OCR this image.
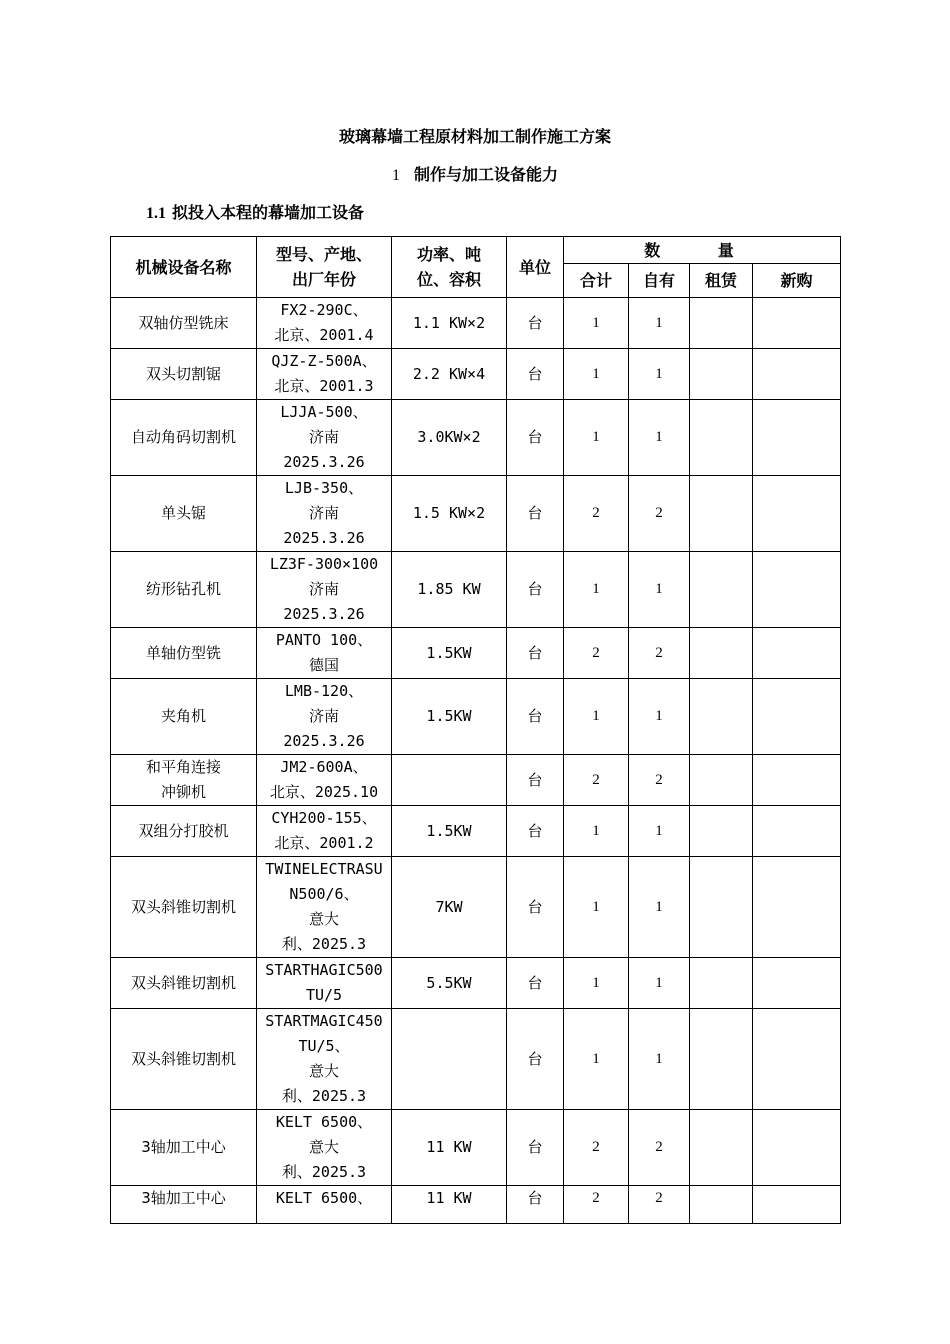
玻璃幕墙工程原材料加工制作施工方案
1 制作与加工设备能力
1.1 拟投入本程的幕墙加工设备
机械设备名称	型号、产地、
出厂年份	功率、吨
位、容积	单位	数 量			
				合计	自有	租赁	新购

双轴仿型铣床	FX2-290C、
北京、2001.4	1.1 KW×2	台	1	1		

双头切割锯	QJZ-Z-500A、
北京、2001.3	2.2 KW×4	台	1	1		

自动角码切割机	LJJA-500、
济南
2025.3.26	3.0KW×2	台	1	1		

单头锯	LJB-350、
济南
2025.3.26	1.5 KW×2	台	2	2		

纺形钻孔机	LZ3F-300×100
济南
2025.3.26	1.85 KW	台	1	1		

单轴仿型铣	PANTO 100、
德国	1.5KW	台	2	2		

夹角机	LMB-120、
济南
2025.3.26	1.5KW	台	1	1		

和平角连接
冲铆机	JM2-600A、
北京、2025.10		台	2	2		

双组分打胶机	CYH200-155、
北京、2001.2	1.5KW	台	1	1		

双头斜锥切割机	TWINELECTRASU
N500/6、
意大
利、2025.3	7KW	台	1	1		

双头斜锥切割机	STARTHAGIC500
TU/5	5.5KW	台	1	1		

双头斜锥切割机	STARTMAGIC450
TU/5、
意大
利、2025.3		台	1	1		

3轴加工中心	KELT 6500、
意大
利、2025.3	11 KW	台	2	2		

3轴加工中心	KELT 6500、	11 KW	台	2	2		
